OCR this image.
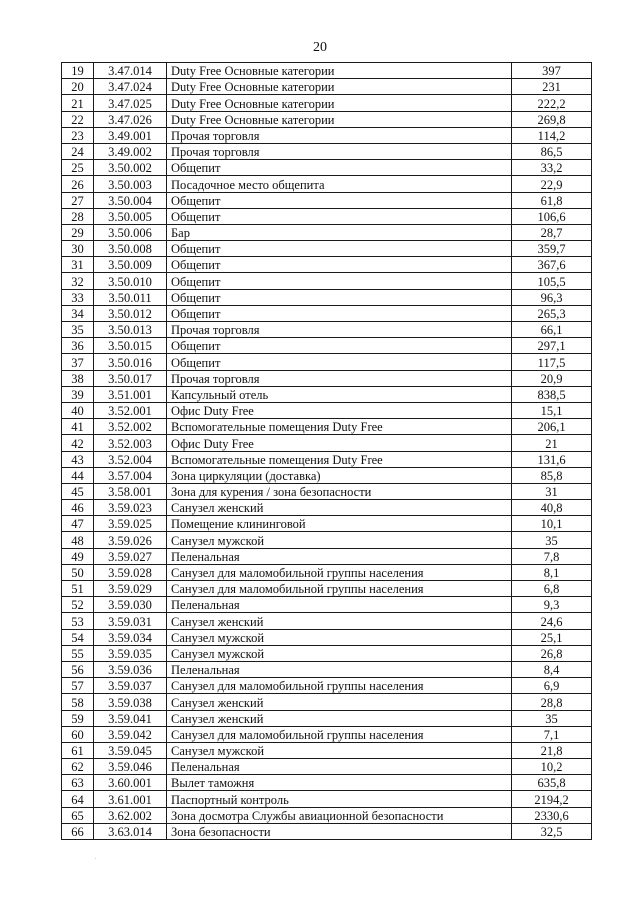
20
19	3.47.014	Duty Free Основные категории	397
20	3.47.024	Duty Free Основные категории	231
21	3.47.025	Duty Free Основные категории	222,2
22	3.47.026	Duty Free Основные категории	269,8
23	3.49.001	Прочая торговля	114,2
24	3.49.002	Прочая торговля	86,5
25	3.50.002	Общепит	33,2
26	3.50.003	Посадочное место общепита	22,9
27	3.50.004	Общепит	61,8
28	3.50.005	Общепит	106,6
29	3.50.006	Бар	28,7
30	3.50.008	Общепит	359,7
31	3.50.009	Общепит	367,6
32	3.50.010	Общепит	105,5
33	3.50.011	Общепит	96,3
34	3.50.012	Общепит	265,3
35	3.50.013	Прочая торговля	66,1
36	3.50.015	Общепит	297,1
37	3.50.016	Общепит	117,5
38	3.50.017	Прочая торговля	20,9
39	3.51.001	Капсульный отель	838,5
40	3.52.001	Офис Duty Free	15,1
41	3.52.002	Вспомогательные помещения Duty Free	206,1
42	3.52.003	Офис Duty Free	21
43	3.52.004	Вспомогательные помещения Duty Free	131,6
44	3.57.004	Зона циркуляции (доставка)	85,8
45	3.58.001	Зона для курения / зона безопасности	31
46	3.59.023	Санузел женский	40,8
47	3.59.025	Помещение клининговой	10,1
48	3.59.026	Санузел мужской	35
49	3.59.027	Пеленальная	7,8
50	3.59.028	Санузел для маломобильной группы населения	8,1
51	3.59.029	Санузел для маломобильной группы населения	6,8
52	3.59.030	Пеленальная	9,3
53	3.59.031	Санузел женский	24,6
54	3.59.034	Санузел мужской	25,1
55	3.59.035	Санузел мужской	26,8
56	3.59.036	Пеленальная	8,4
57	3.59.037	Санузел для маломобильной группы населения	6,9
58	3.59.038	Санузел женский	28,8
59	3.59.041	Санузел женский	35
60	3.59.042	Санузел для маломобильной группы населения	7,1
61	3.59.045	Санузел мужской	21,8
62	3.59.046	Пеленальная	10,2
63	3.60.001	Вылет таможня	635,8
64	3.61.001	Паспортный контроль	2194,2
65	3.62.002	Зона досмотра Службы авиационной безопасности	2330,6
66	3.63.014	Зона безопасности	32,5
